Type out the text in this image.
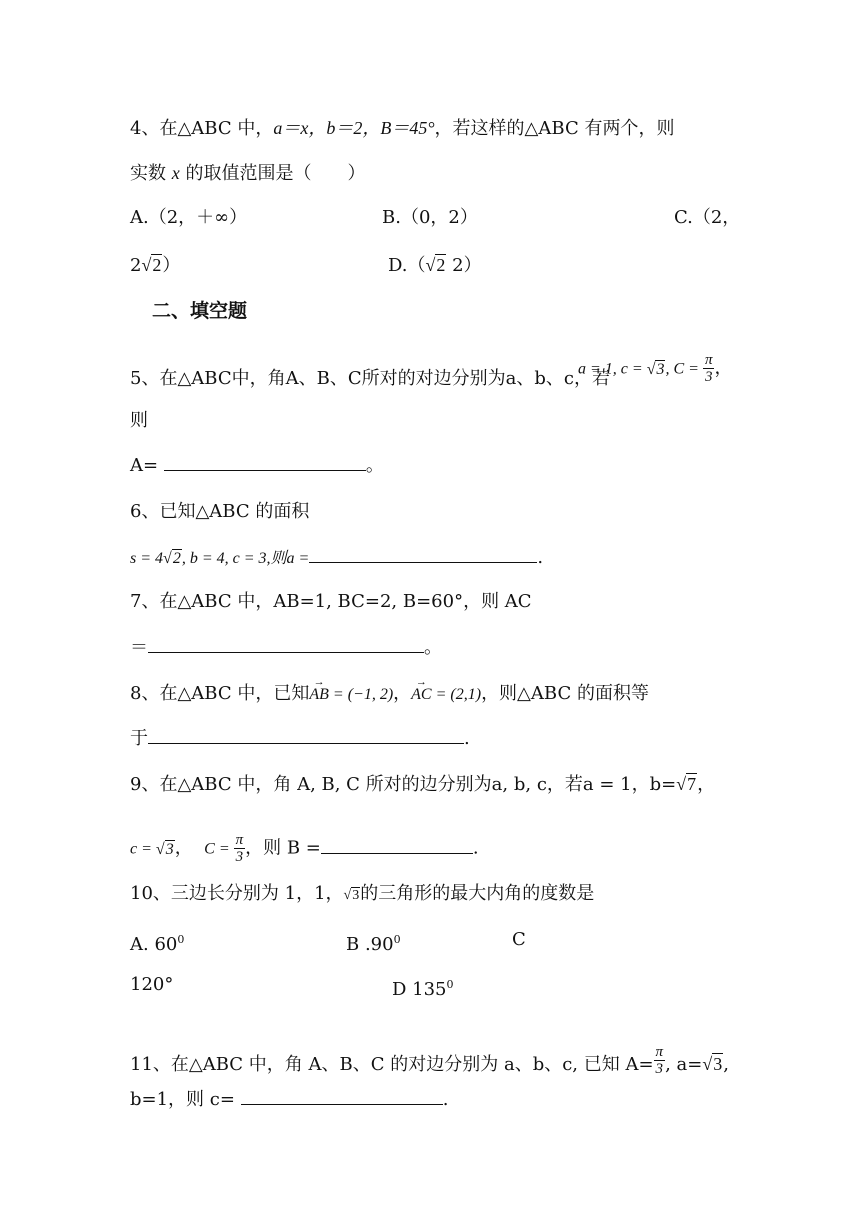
4、在△ABC 中，a＝x，b＝2，B＝45°，若这样的△ABC 有两个，则
实数 x 的取值范围是（　　）
A.（2，＋∞）	B.（0，2）	C.（2，
2√2）	D.（√2 2）
二、填空题
5、在△ABC中，角A、B、C所对的对边分别为a、b、c，若
a = 1, c = √3, $C = \frac{\pi}{3}$ ，
则
A=	。
6、已知△ABC 的面积
s = 4√2, b = 4, c = 3,则a =	.
7、在△ABC 中，AB=1, BC=2, B=60°，则 AC
＝	。
8、在△ABC 中，已知→ AB = (−1, 2)，→ AC = (2,1)，则△ABC 的面积等
于	.
9、在△ABC 中，角 A, B, C 所对的边分别为a, b, c，若a = 1，b=√7，
c = √3， $C = \frac{\pi}{3}$ ，则 B =	.
10、三边长分别为 1，1，√3的三角形的最大内角的度数是
A. $60^0$	B $.90^0$	C
120°	D $135^0$
11、在△ABC 中，角 A、B、C 的对边分别为 a、b、c, 已知 $A= \frac{\pi}{3}$ , a=√3,
b=1，则 c=	.
